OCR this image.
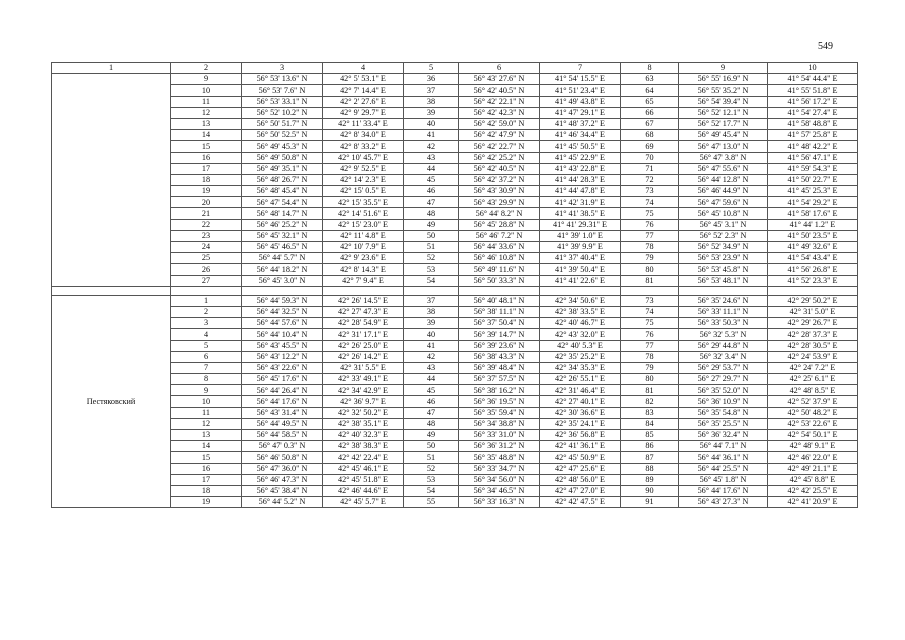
549
1	2	3	4	5	6	7	8	9	10
	9	56° 53' 13.6" N	42° 5' 53.1" E	36	56° 43' 27.6" N	41° 54' 15.5" E	63	56° 55' 16.9" N	41° 54' 44.4" E
	10	56° 53' 7.6" N	42° 7' 14.4" E	37	56° 42' 40.5" N	41° 51' 23.4" E	64	56° 55' 35.2" N	41° 55' 51.8" E
	11	56° 53' 33.1" N	42° 2' 27.6" E	38	56° 42' 22.1" N	41° 49' 43.8" E	65	56° 54' 39.4" N	41° 56' 17.2" E
	12	56° 52' 10.2" N	42° 9' 29.7" E	39	56° 42' 42.3" N	41° 47' 29.1" E	66	56° 52' 12.1" N	41° 54' 27.4" E
	13	56° 50' 51.7" N	42° 11' 33.4" E	40	56° 42' 59.0" N	41° 48' 37.2" E	67	56° 52' 17.7" N	41° 58' 48.8" E
	14	56° 50' 52.5" N	42° 8' 34.0" E	41	56° 42' 47.9" N	41° 46' 34.4" E	68	56° 49' 45.4" N	41° 57' 25.8" E
	15	56° 49' 45.3" N	42° 8' 33.2" E	42	56° 42' 22.7" N	41° 45' 50.5" E	69	56° 47' 13.0" N	41° 48' 42.2" E
	16	56° 49' 50.8" N	42° 10' 45.7" E	43	56° 42' 25.2" N	41° 45' 22.9" E	70	56° 47' 3.8" N	41° 56' 47.1" E
	17	56° 49' 35.1" N	42° 9' 52.5" E	44	56° 42' 40.5" N	41° 43' 22.8" E	71	56° 47' 55.6" N	41° 59' 54.3" E
	18	56° 48' 26.7" N	42° 14' 2.3" E	45	56° 42' 37.2" N	41° 44' 28.3" E	72	56° 44' 12.8" N	41° 50' 22.7" E
	19	56° 48' 45.4" N	42° 15' 0.5" E	46	56° 43' 30.9" N	41° 44' 47.8" E	73	56° 46' 44.9" N	41° 45' 25.3" E
	20	56° 47' 54.4" N	42° 15' 35.5" E	47	56° 43' 29.9" N	41° 42' 31.9" E	74	56° 47' 59.6" N	41° 54' 29.2" E
	21	56° 48' 14.7" N	42° 14' 51.6" E	48	56° 44' 8.2" N	41° 41' 38.5" E	75	56° 45' 10.8" N	41° 58' 17.6" E
	22	56° 46' 25.2" N	42° 15' 23.0" E	49	56° 45' 28.8" N	41° 41' 29.31" E	76	56° 45' 3.1" N	41° 44' 1.2" E
	23	56° 45' 32.1" N	42° 11' 4.8" E	50	56° 46' 7.2" N	41° 39' 1.0" E	77	56° 52' 2.3" N	41° 50' 23.5" E
	24	56° 45' 46.5" N	42° 10' 7.9" E	51	56° 44' 33.6" N	41° 39' 9.9" E	78	56° 52' 34.9" N	41° 49' 32.6" E
	25	56° 44' 5.7" N	42° 9' 23.6" E	52	56° 46' 10.8" N	41° 37' 40.4" E	79	56° 53' 23.9" N	41° 54' 43.4" E
	26	56° 44' 18.2" N	42° 8' 14.3" E	53	56° 49' 11.6" N	41° 39' 50.4" E	80	56° 53' 45.8" N	41° 56' 26.8" E
	27	56° 45' 3.0" N	42° 7' 9.4" E	54	56° 50' 33.3" N	41° 41' 22.6" E	81	56° 53' 48.1" N	41° 52' 23.3" E

Пестяковский	1	56° 44' 59.3" N	42° 26' 14.5" E	37	56° 40' 48.1" N	42° 34' 50.6" E	73	56° 35' 24.6" N	42° 29' 50.2" E
	2	56° 44' 32.5" N	42° 27' 47.3" E	38	56° 38' 11.1" N	42° 38' 33.5" E	74	56° 33' 11.1" N	42° 31' 5.0" E
	3	56° 44' 57.6" N	42° 28' 54.9" E	39	56° 37' 50.4" N	42° 40' 46.7" E	75	56° 33' 50.3" N	42° 29' 26.7" E
	4	56° 44' 10.4" N	42° 31' 17.1" E	40	56° 39' 14.7" N	42° 43' 32.0" E	76	56° 32' 5.3" N	42° 28' 37.3" E
	5	56° 43' 45.5" N	42° 26' 25.0" E	41	56° 39' 23.6" N	42° 40' 5.3" E	77	56° 29' 44.8" N	42° 28' 30.5" E
	6	56° 43' 12.2" N	42° 26' 14.2" E	42	56° 38' 43.3" N	42° 35' 25.2" E	78	56° 32' 3.4" N	42° 24' 53.9" E
	7	56° 43' 22.6" N	42° 31' 5.5" E	43	56° 39' 48.4" N	42° 34' 35.3" E	79	56° 29' 53.7" N	42° 24' 7.2" E
	8	56° 45' 17.6" N	42° 33' 49.1" E	44	56° 37' 57.5" N	42° 26' 55.1" E	80	56° 27' 29.7" N	42° 25' 6.1" E
	9	56° 44' 26.4" N	42° 34' 42.9" E	45	56° 38' 16.2" N	42° 31' 46.4" E	81	56° 35' 52.0" N	42° 48' 8.5" E
	10	56° 44' 17.6" N	42° 36' 9.7" E	46	56° 36' 19.5" N	42° 27' 40.1" E	82	56° 36' 10.9" N	42° 52' 37.9" E
	11	56° 43' 31.4" N	42° 32' 50.2" E	47	56° 35' 59.4" N	42° 30' 36.6" E	83	56° 35' 54.8" N	42° 50' 48.2" E
	12	56° 44' 49.5" N	42° 38' 35.1" E	48	56° 34' 38.8" N	42° 35' 24.1" E	84	56° 35' 25.5" N	42° 53' 22.6" E
	13	56° 44' 58.5" N	42° 40' 32.3" E	49	56° 33' 31.0" N	42° 36' 56.8" E	85	56° 36' 32.4" N	42° 54' 50.1" E
	14	56° 47' 0.3" N	42° 38' 38.3" E	50	56° 36' 31.2" N	42° 41' 36.1" E	86	56° 44' 7.1" N	42° 48' 9.1" E
	15	56° 46' 50.8" N	42° 42' 22.4" E	51	56° 35' 48.8" N	42° 45' 50.9" E	87	56° 44' 36.1" N	42° 46' 22.0" E
	16	56° 47' 36.0" N	42° 45' 46.1" E	52	56° 33' 34.7" N	42° 47' 25.6" E	88	56° 44' 25.5" N	42° 49' 21.1" E
	17	56° 46' 47.3" N	42° 45' 51.8" E	53	56° 34' 56.0" N	42° 48' 56.0" E	89	56° 45' 1.8" N	42° 45' 8.8" E
	18	56° 45' 38.4" N	42° 46' 44.6" E	54	56° 34' 46.5" N	42° 47' 27.0" E	90	56° 44' 17.6" N	42° 42' 25.5" E
	19	56° 44' 5.2" N	42° 45' 5.7" E	55	56° 33' 16.3" N	42° 42' 47.5" E	91	56° 43' 27.3" N	42° 41' 20.9" E
